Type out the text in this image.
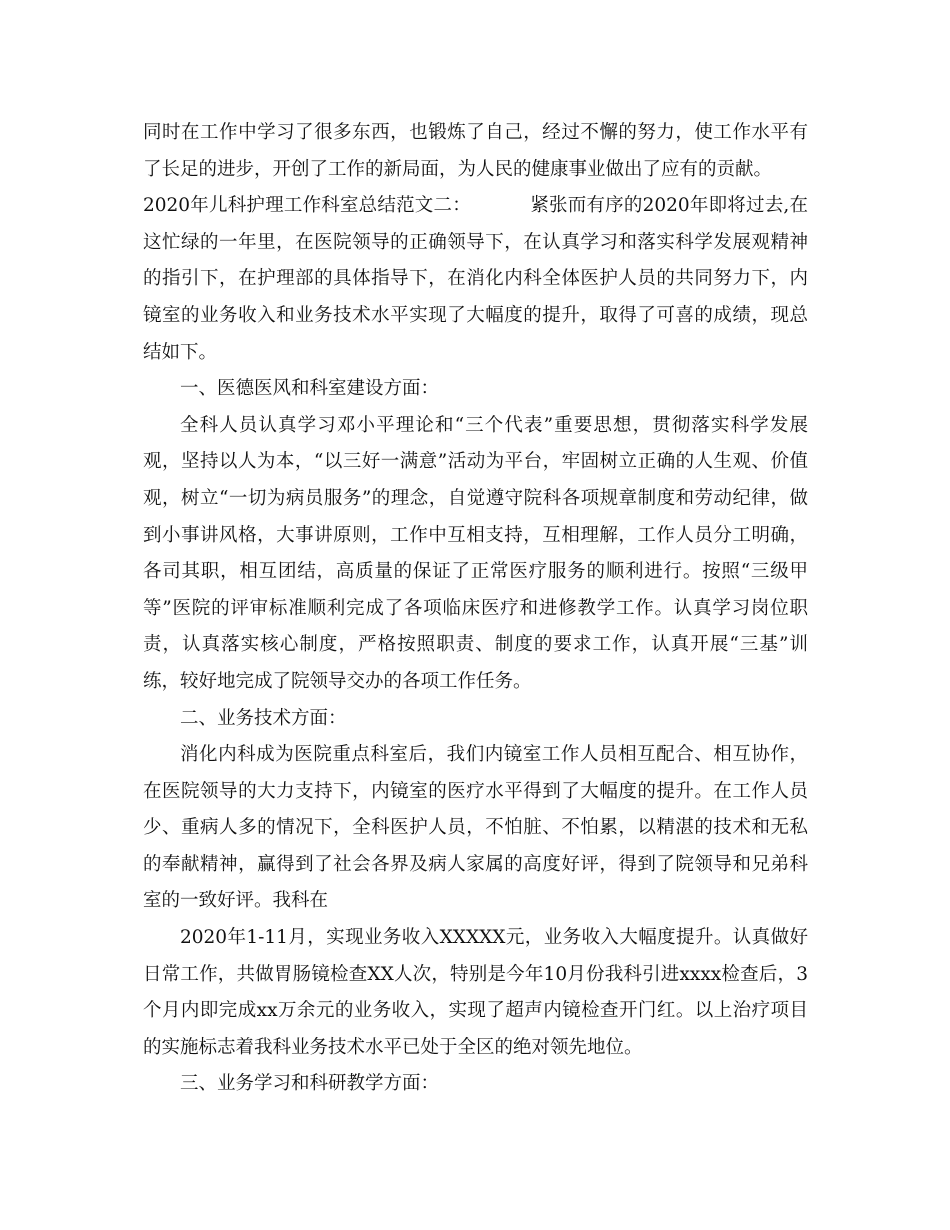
同时在工作中学习了很多东西，也锻炼了自己，经过不懈的努力，使工作水平有了长足的进步，开创了工作的新局面，为人民的健康事业做出了应有的贡献。

2020年儿科护理工作科室总结范文二：	紧张而有序的2020年即将过去,在这忙绿的一年里，在医院领导的正确领导下，在认真学习和落实科学发展观精神的指引下，在护理部的具体指导下，在消化内科全体医护人员的共同努力下，内镜室的业务收入和业务技术水平实现了大幅度的提升，取得了可喜的成绩，现总结如下。

一、医德医风和科室建设方面：

全科人员认真学习邓小平理论和“三个代表”重要思想，贯彻落实科学发展观，坚持以人为本，“以三好一满意”活动为平台，牢固树立正确的人生观、价值观，树立“一切为病员服务”的理念，自觉遵守院科各项规章制度和劳动纪律，做到小事讲风格，大事讲原则，工作中互相支持，互相理解，工作人员分工明确，各司其职，相互团结，高质量的保证了正常医疗服务的顺利进行。按照“三级甲等”医院的评审标准顺利完成了各项临床医疗和进修教学工作。认真学习岗位职责，认真落实核心制度，严格按照职责、制度的要求工作，认真开展“三基”训练，较好地完成了院领导交办的各项工作任务。

二、业务技术方面：

消化内科成为医院重点科室后，我们内镜室工作人员相互配合、相互协作，在医院领导的大力支持下，内镜室的医疗水平得到了大幅度的提升。在工作人员少、重病人多的情况下，全科医护人员，不怕脏、不怕累，以精湛的技术和无私的奉献精神，赢得到了社会各界及病人家属的高度好评，得到了院领导和兄弟科室的一致好评。我科在

2020年1-11月，实现业务收入XXXXX元，业务收入大幅度提升。认真做好日常工作，共做胃肠镜检查XX人次，特别是今年10月份我科引进xxxx检查后，3个月内即完成xx万余元的业务收入，实现了超声内镜检查开门红。以上治疗项目的实施标志着我科业务技术水平已处于全区的绝对领先地位。

三、业务学习和科研教学方面：
